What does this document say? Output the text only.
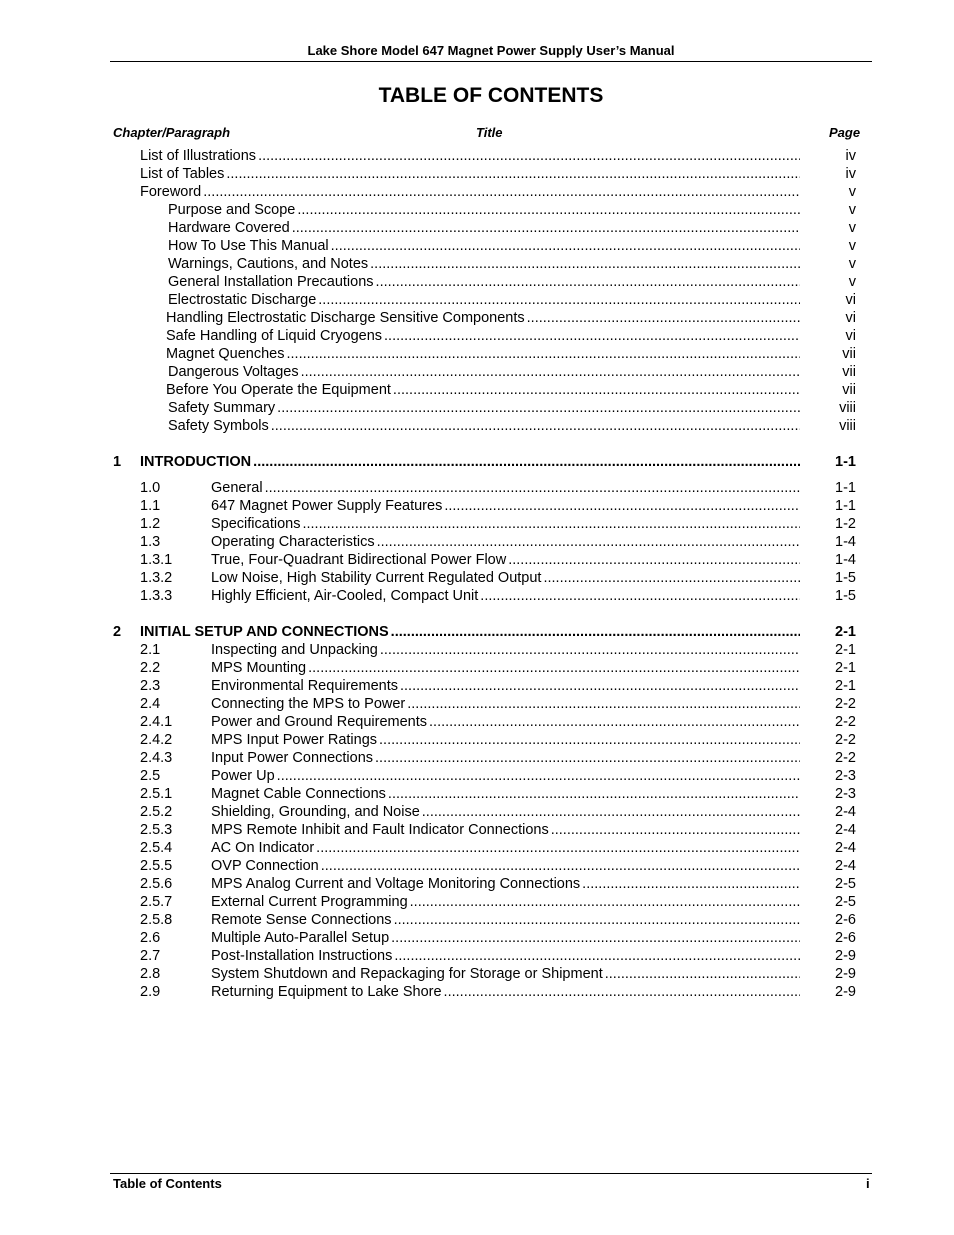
Lake Shore Model 647 Magnet Power Supply User’s Manual
TABLE OF CONTENTS
Chapter/Paragraph	Title	Page
List of Illustrations .....	iv
List of Tables .....	iv
Foreword .....	v
Purpose and Scope .....	v
Hardware Covered .....	v
How To Use This Manual .....	v
Warnings, Cautions, and Notes .....	v
General Installation Precautions .....	v
Electrostatic Discharge .....	vi
Handling Electrostatic Discharge Sensitive Components .....	vi
Safe Handling of Liquid Cryogens .....	vi
Magnet Quenches .....	vii
Dangerous Voltages .....	vii
Before You Operate the Equipment .....	vii
Safety Summary .....	viii
Safety Symbols .....	viii
1 INTRODUCTION .....	1-1
1.0	General .....	1-1
1.1	647 Magnet Power Supply Features .....	1-1
1.2	Specifications .....	1-2
1.3	Operating Characteristics .....	1-4
1.3.1	True, Four-Quadrant Bidirectional Power Flow .....	1-4
1.3.2	Low Noise, High Stability Current Regulated Output .....	1-5
1.3.3	Highly Efficient, Air-Cooled, Compact Unit .....	1-5
2 INITIAL SETUP AND CONNECTIONS .....	2-1
2.1	Inspecting and Unpacking .....	2-1
2.2	MPS Mounting .....	2-1
2.3	Environmental Requirements .....	2-1
2.4	Connecting the MPS to Power .....	2-2
2.4.1	Power and Ground Requirements .....	2-2
2.4.2	MPS Input Power Ratings .....	2-2
2.4.3	Input Power Connections .....	2-2
2.5	Power Up .....	2-3
2.5.1	Magnet Cable Connections .....	2-3
2.5.2	Shielding, Grounding, and Noise .....	2-4
2.5.3	MPS Remote Inhibit and Fault Indicator Connections .....	2-4
2.5.4	AC On Indicator .....	2-4
2.5.5	OVP Connection .....	2-4
2.5.6	MPS Analog Current and Voltage Monitoring Connections .....	2-5
2.5.7	External Current Programming .....	2-5
2.5.8	Remote Sense Connections .....	2-6
2.6	Multiple Auto-Parallel Setup .....	2-6
2.7	Post-Installation Instructions .....	2-9
2.8	System Shutdown and Repackaging for Storage or Shipment .....	2-9
2.9	Returning Equipment to Lake Shore .....	2-9
Table of Contents	i
